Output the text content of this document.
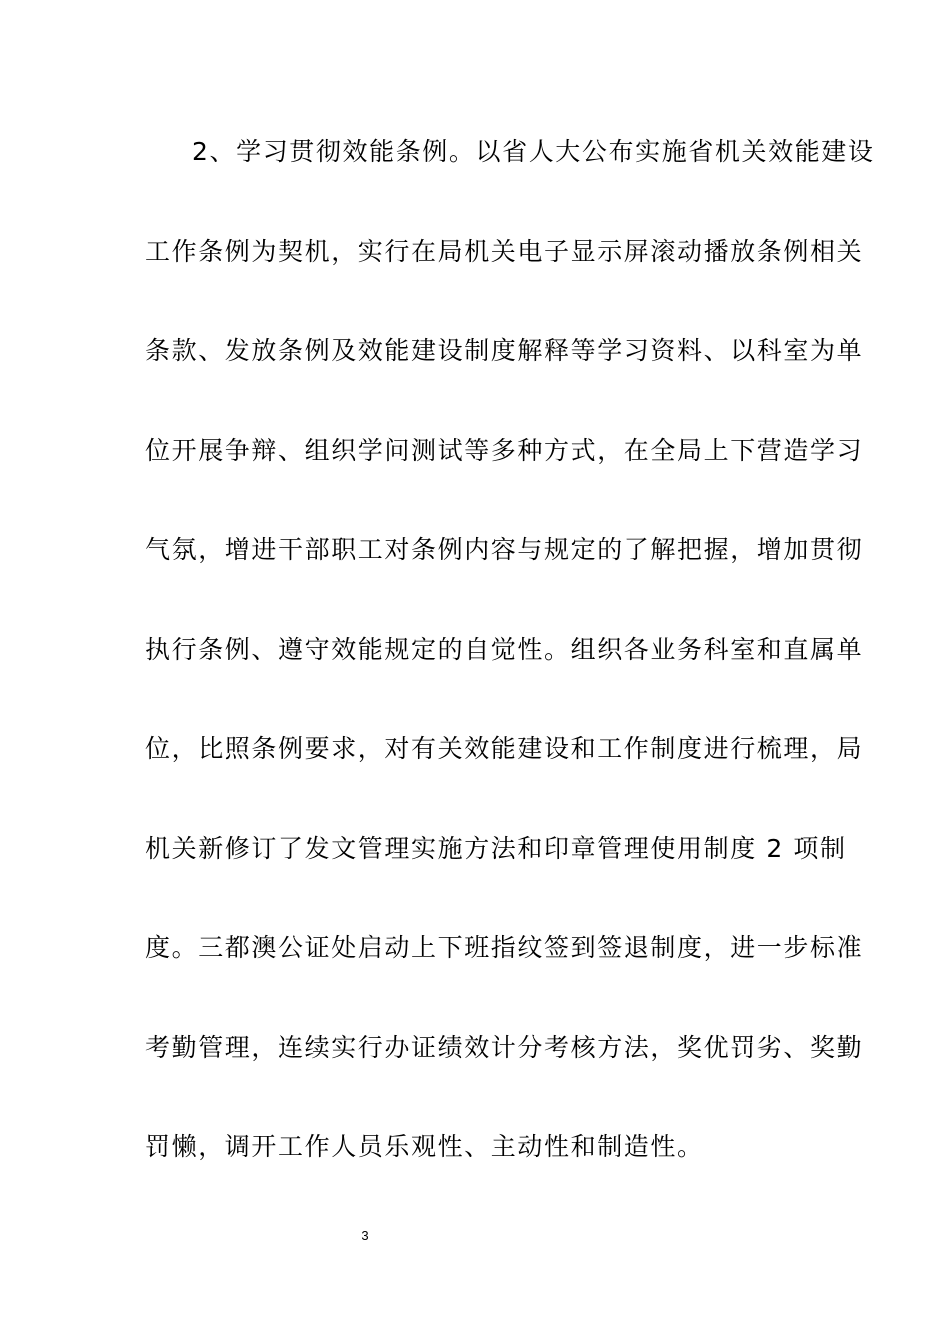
2、学习贯彻效能条例。以省人大公布实施省机关效能建设
工作条例为契机，实行在局机关电子显示屏滚动播放条例相关
条款、发放条例及效能建设制度解释等学习资料、以科室为单
位开展争辩、组织学问测试等多种方式，在全局上下营造学习
气氛，增进干部职工对条例内容与规定的了解把握，增加贯彻
执行条例、遵守效能规定的自觉性。组织各业务科室和直属单
位，比照条例要求，对有关效能建设和工作制度进行梳理，局
机关新修订了发文管理实施方法和印章管理使用制度 2 项制
度。三都澳公证处启动上下班指纹签到签退制度，进一步标准
考勤管理，连续实行办证绩效计分考核方法，奖优罚劣、奖勤
罚懒，调开工作人员乐观性、主动性和制造性。
3
